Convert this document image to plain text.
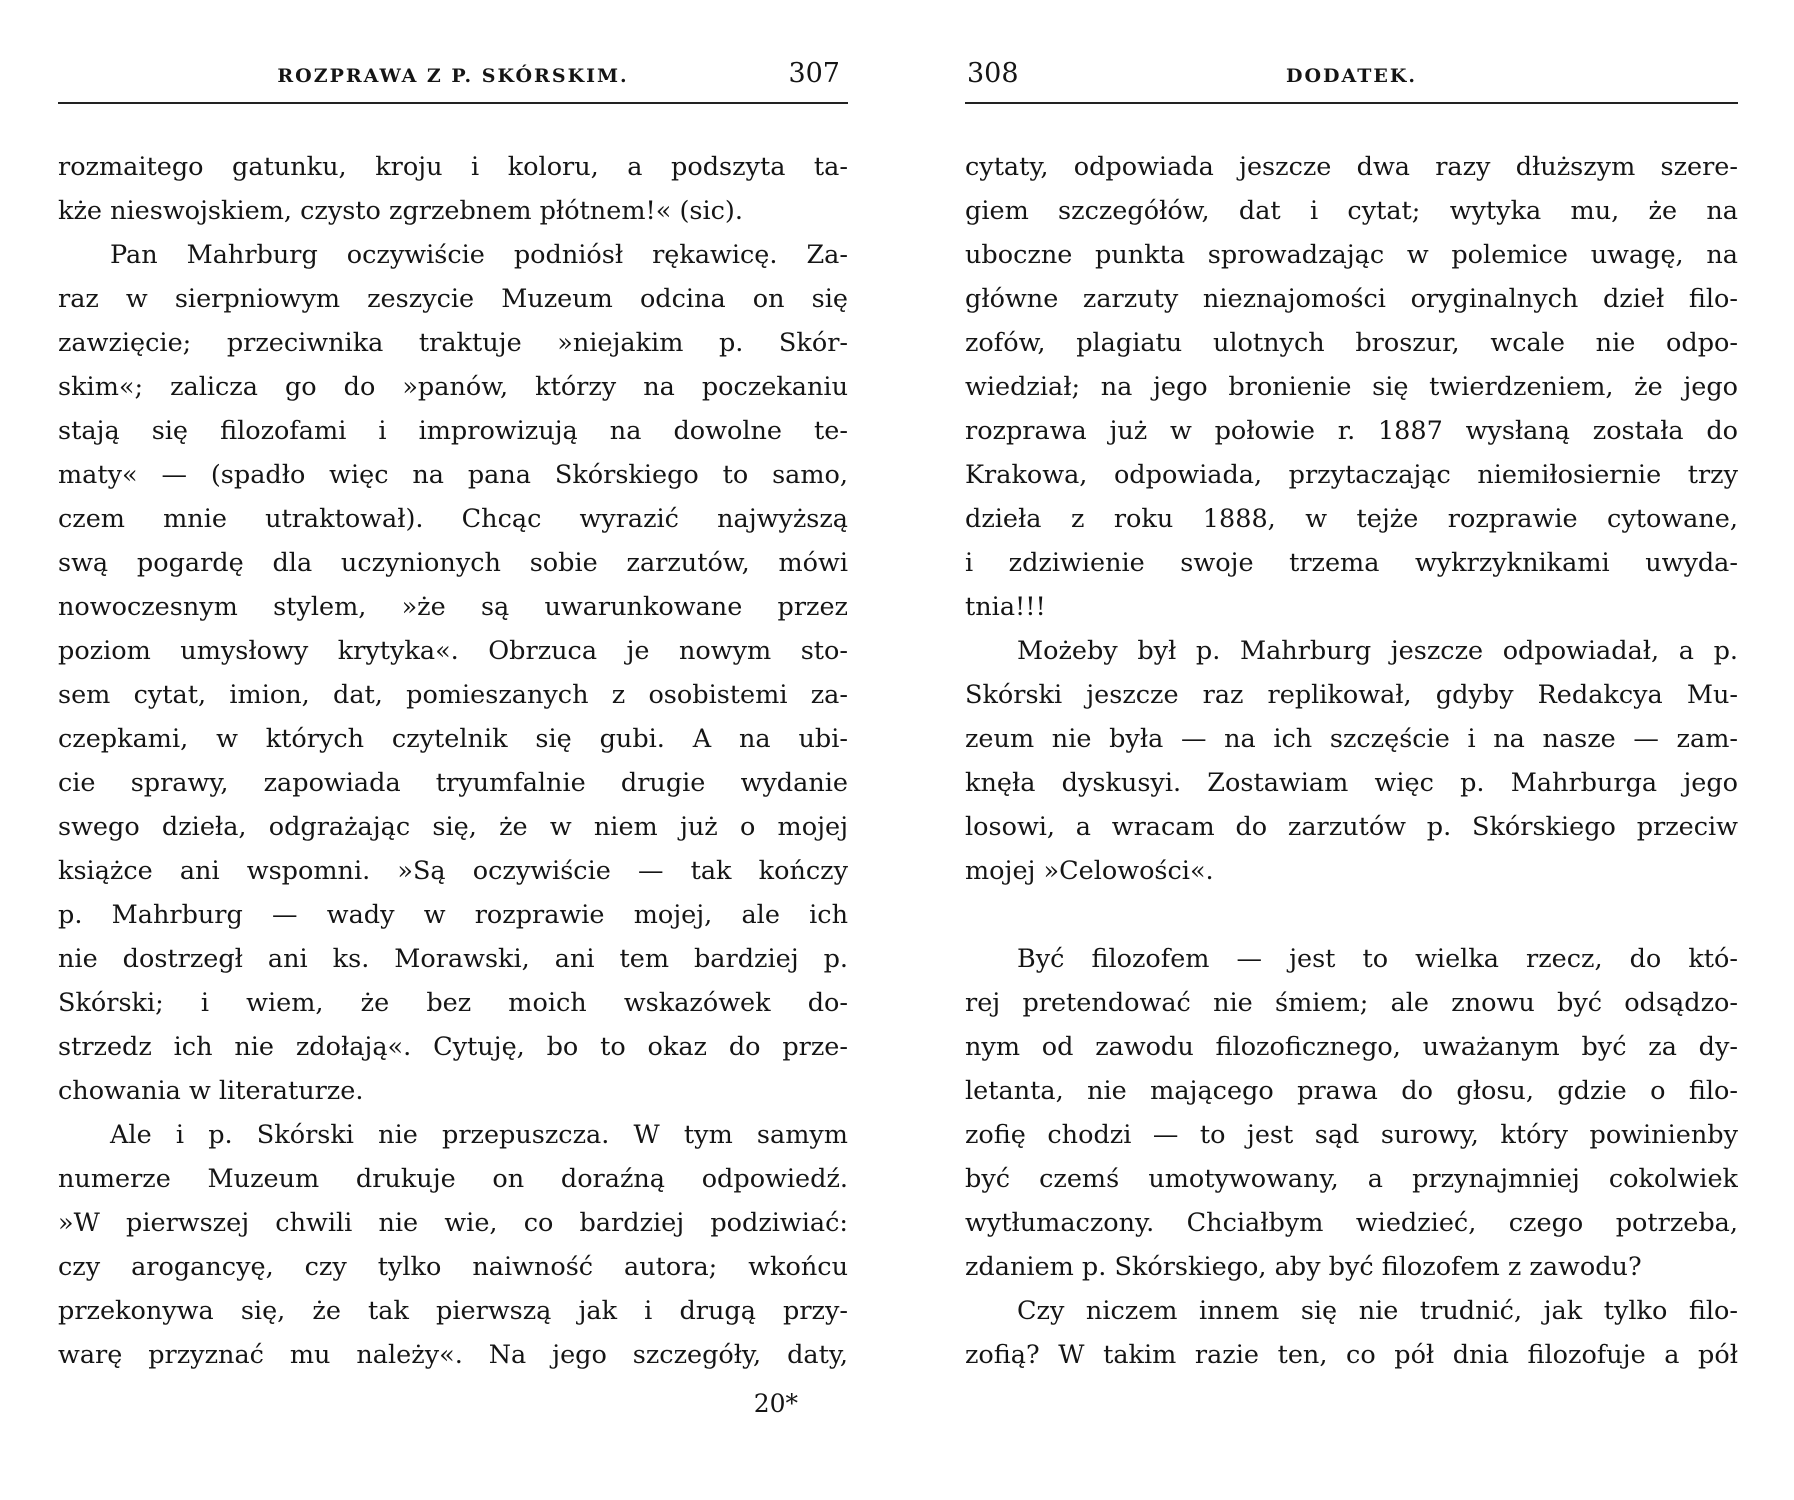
ROZPRAWA Z P. SKÓRSKIM.	307
rozmaitego gatunku, kroju i koloru, a podszyta ta-
kże nieswojskiem, czysto zgrzebnem płótnem!« (sic).
Pan Mahrburg oczywiście podniósł rękawicę. Za-
raz w sierpniowym zeszycie Muzeum odcina on się
zawzięcie; przeciwnika traktuje »niejakim p. Skór-
skim«; zalicza go do »panów, którzy na poczekaniu
stają się filozofami i improwizują na dowolne te-
maty« — (spadło więc na pana Skórskiego to samo,
czem mnie utraktował). Chcąc wyrazić najwyższą
swą pogardę dla uczynionych sobie zarzutów, mówi
nowoczesnym stylem, »że są uwarunkowane przez
poziom umysłowy krytyka«. Obrzuca je nowym sto-
sem cytat, imion, dat, pomieszanych z osobistemi za-
czepkami, w których czytelnik się gubi. A na ubi-
cie sprawy, zapowiada tryumfalnie drugie wydanie
swego dzieła, odgrażając się, że w niem już o mojej
książce ani wspomni. »Są oczywiście — tak kończy
p. Mahrburg — wady w rozprawie mojej, ale ich
nie dostrzegł ani ks. Morawski, ani tem bardziej p.
Skórski; i wiem, że bez moich wskazówek do-
strzedz ich nie zdołają«. Cytuję, bo to okaz do prze-
chowania w literaturze.
Ale i p. Skórski nie przepuszcza. W tym samym
numerze Muzeum drukuje on doraźną odpowiedź.
»W pierwszej chwili nie wie, co bardziej podziwiać:
czy arogancyę, czy tylko naiwność autora; wkońcu
przekonywa się, że tak pierwszą jak i drugą przy-
warę przyznać mu należy«. Na jego szczegóły, daty,
20*
308	DODATEK.
cytaty, odpowiada jeszcze dwa razy dłuższym szere-
giem szczegółów, dat i cytat; wytyka mu, że na
uboczne punkta sprowadzając w polemice uwagę, na
główne zarzuty nieznajomości oryginalnych dzieł filo-
zofów, plagiatu ulotnych broszur, wcale nie odpo-
wiedział; na jego bronienie się twierdzeniem, że jego
rozprawa już w połowie r. 1887 wysłaną została do
Krakowa, odpowiada, przytaczając niemiłosiernie trzy
dzieła z roku 1888, w tejże rozprawie cytowane,
i zdziwienie swoje trzema wykrzyknikami uwyda-
tnia!!!
Możeby był p. Mahrburg jeszcze odpowiadał, a p.
Skórski jeszcze raz replikował, gdyby Redakcya Mu-
zeum nie była — na ich szczęście i na nasze — zam-
knęła dyskusyi. Zostawiam więc p. Mahrburga jego
losowi, a wracam do zarzutów p. Skórskiego przeciw
mojej »Celowości«.
Być filozofem — jest to wielka rzecz, do któ-
rej pretendować nie śmiem; ale znowu być odsądzo-
nym od zawodu filozoficznego, uważanym być za dy-
letanta, nie mającego prawa do głosu, gdzie o filo-
zofię chodzi — to jest sąd surowy, który powinienby
być czemś umotywowany, a przynajmniej cokolwiek
wytłumaczony. Chciałbym wiedzieć, czego potrzeba,
zdaniem p. Skórskiego, aby być filozofem z zawodu?
Czy niczem innem się nie trudnić, jak tylko filo-
zofią? W takim razie ten, co pół dnia filozofuje a pół
